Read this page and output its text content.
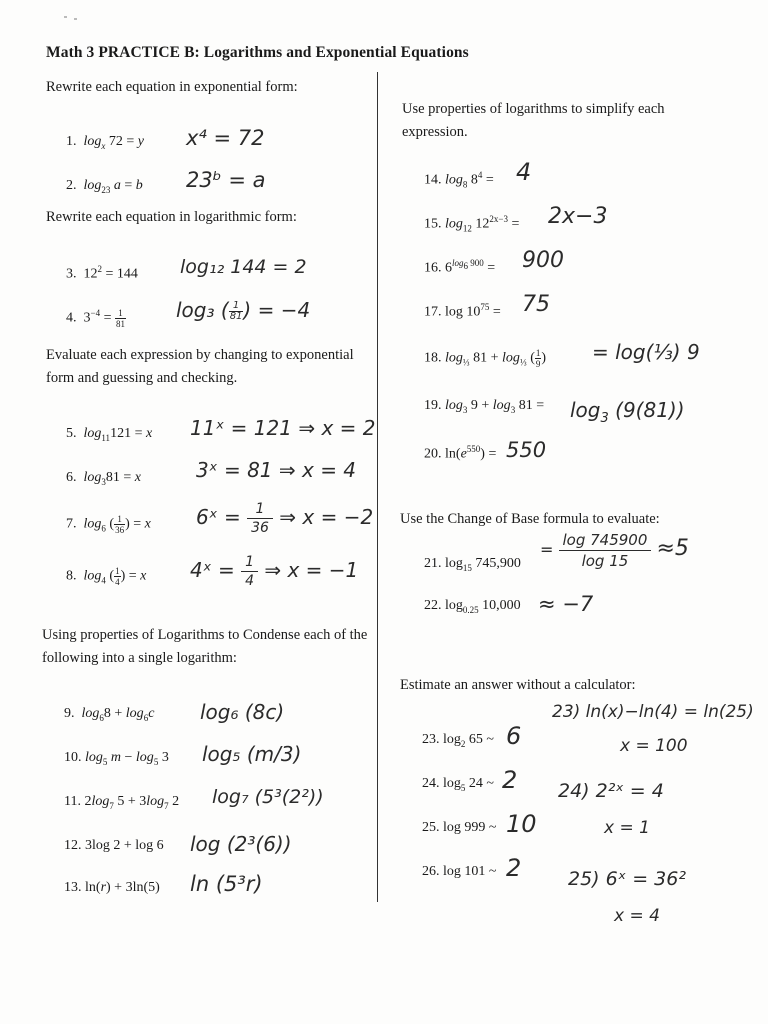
Math 3 PRACTICE B: Logarithms and Exponential Equations
Rewrite each equation in exponential form:
1. $\log_x 72 = y$ x⁴ = 72
2. $\log_{23} a = b$ 23ᵇ = a
Rewrite each equation in logarithmic form:
3.  $12^2 = 144$ log₁₂ 144 = 2
4.  $3^{-4} = \frac{1}{81}$	log₃ ( $\frac{1}{81}$ ) = −4
Evaluate each expression by changing to exponential form and guessing and checking.
5. $\log_{11}121 = x$ 11ˣ = 121 ⇒ x = 2
6. $\log_381 = x$	3ˣ = 81 ⇒ x = 4
7. $\log_6$ ( $\frac{1}{36}$ ) = x 6ˣ = $\frac{1}{36}$ ⇒ x = −2
8. $\log_4$ ( $\frac{1}{4}$ ) = x 4ˣ = $\frac{1}{4}$ ⇒ x = −1
Using properties of Logarithms to Condense each of the following into a single logarithm:
9. $\log_68 + \log_6c$ log₆ (8c)
10. $\log_5 m - \log_5 3$ log₅ (m/3)
11. $2\log_7$ $5 + 3\log_7$ 2 log₇ (5³(2²))
12. 3log 2 + log 6 log (2³(6))
13. ln(r) + 3ln(5) ln (5³r)
Use properties of logarithms to simplify each expression.
14. $\log_8 8^4 = 4$
15. $\log_{12} 12^{2x-3} = 2x-3$
16. $6^{log_6 900} = 900$
17. $\log 10^{75} = 75$
18. $\log_{\frac{1}{3}} 81 + \log_{\frac{1}{3}}$ ( $\frac{1}{9}$ ) = log(⅓) 9
19. $\log_3 9 + \log_3 81 = \log_3 (9(81))$
20. $\ln(e^{550}) = 550$
Use the Change of Base formula to evaluate:
21. $\log_{15} 745,900$
= $\frac{\log 745900}{\log 15} \approx 5$
22. $\log_{0.25} 10,000 \approx -7$
Estimate an answer without a calculator:
23. $\log_2 65$ ~ 6
24. $\log_5 24$ ~ 2
25. log 999 ~ 10
26. log 101 ~ 2
23) ln(x)−ln(4) = ln(25)
x = 100
24) 2²ˣ = 4
x = 1
25) 6ˣ = 36²
x = 4
